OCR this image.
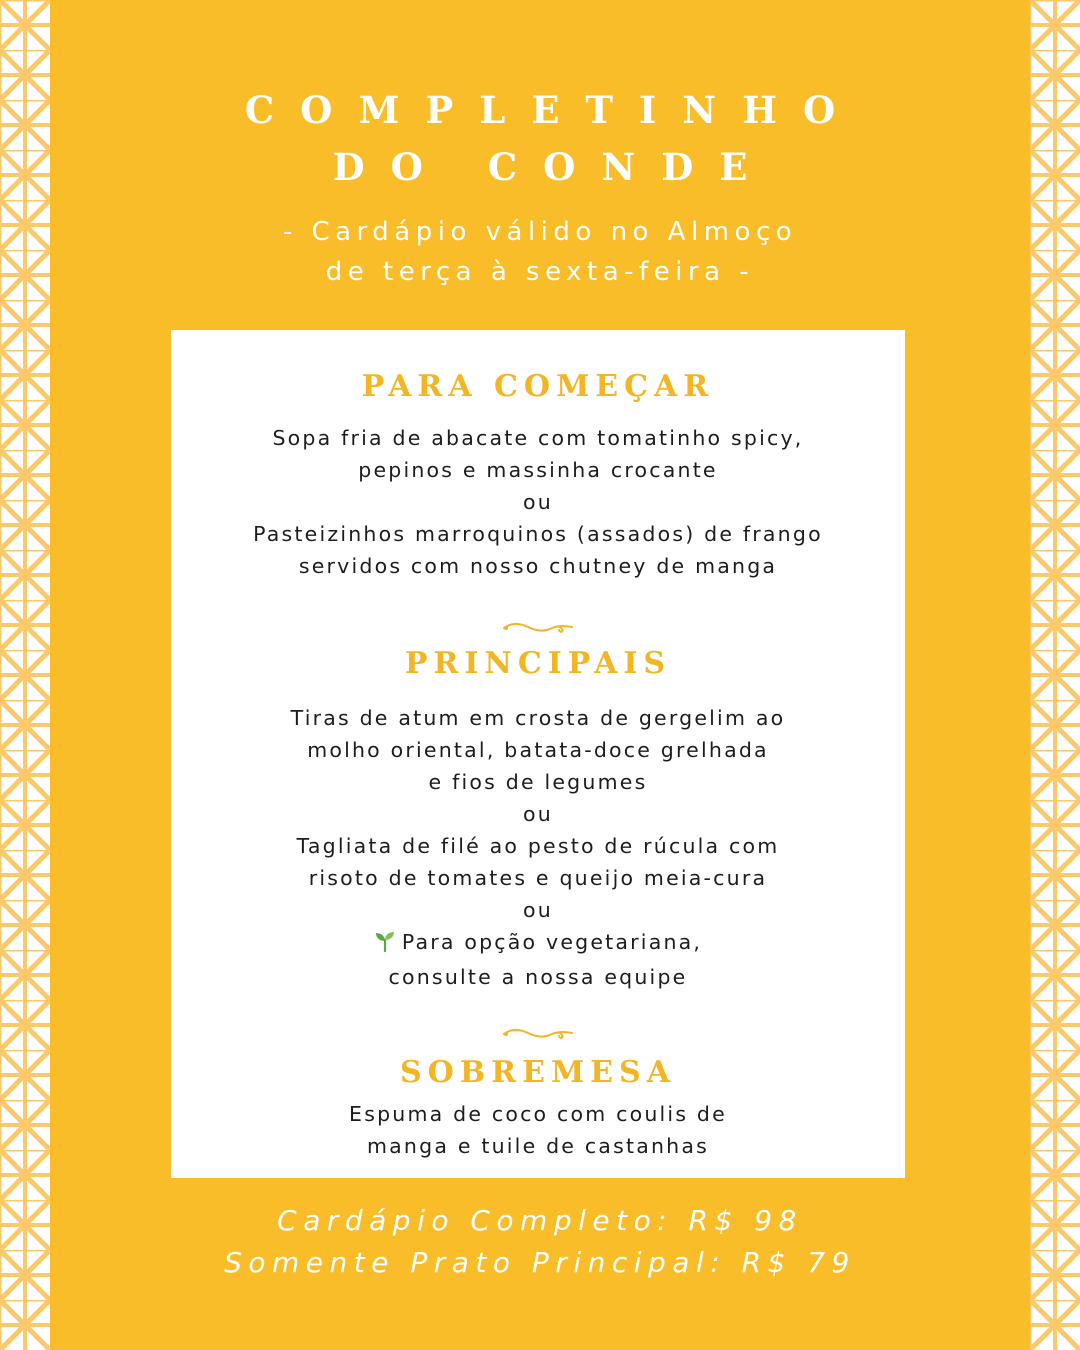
COMPLETINHO
DO CONDE
- Cardápio válido no Almoço
de terça à sexta-feira -
PARA COMEÇAR
Sopa fria de abacate com tomatinho spicy,
pepinos e massinha crocante
ou
Pasteizinhos marroquinos (assados) de frango
servidos com nosso chutney de manga
PRINCIPAIS
Tiras de atum em crosta de gergelim ao
molho oriental, batata-doce grelhada
e fios de legumes
ou
Tagliata de filé ao pesto de rúcula com
risoto de tomates e queijo meia-cura
ou
Para opção vegetariana,
consulte a nossa equipe
SOBREMESA
Espuma de coco com coulis de
manga e tuile de castanhas
Cardápio Completo: R$ 98
Somente Prato Principal: R$ 79
